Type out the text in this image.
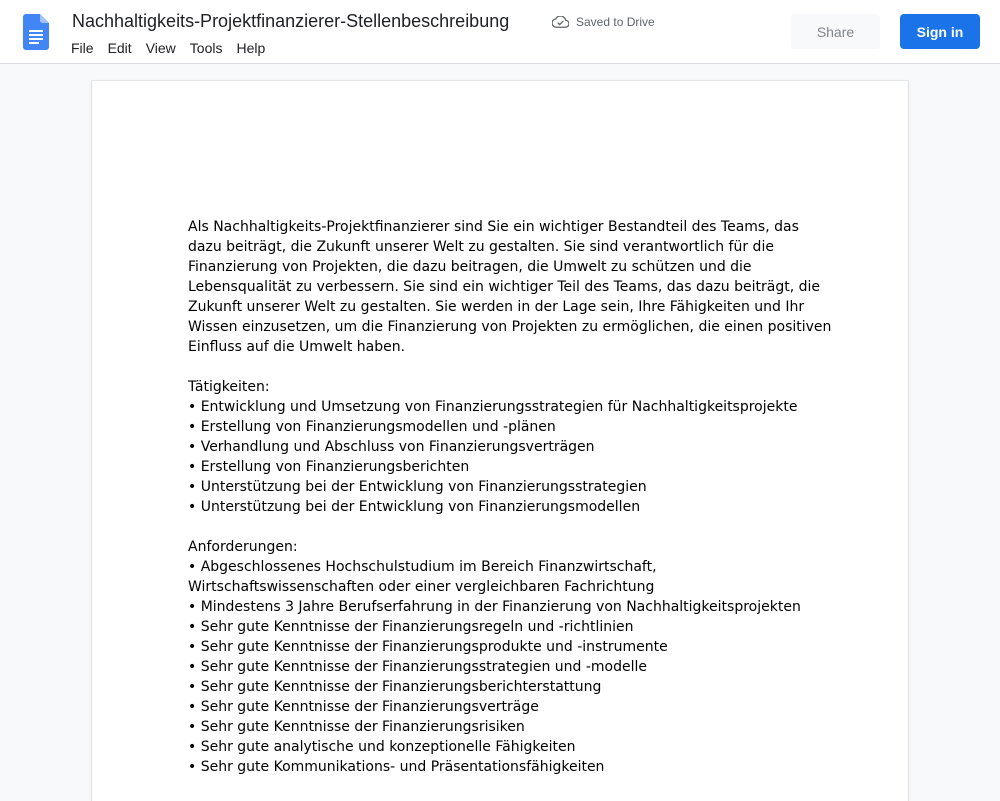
Nachhaltigkeits-Projektfinanzierer-Stellenbeschreibung	Saved to Drive
File	Edit	View	Tools	Help
Share	Sign in

Als Nachhaltigkeits-Projektfinanzierer sind Sie ein wichtiger Bestandteil des Teams, das

dazu beiträgt, die Zukunft unserer Welt zu gestalten. Sie sind verantwortlich für die

Finanzierung von Projekten, die dazu beitragen, die Umwelt zu schützen und die

Lebensqualität zu verbessern. Sie sind ein wichtiger Teil des Teams, das dazu beiträgt, die

Zukunft unserer Welt zu gestalten. Sie werden in der Lage sein, Ihre Fähigkeiten und Ihr

Wissen einzusetzen, um die Finanzierung von Projekten zu ermöglichen, die einen positiven

Einfluss auf die Umwelt haben.

Tätigkeiten:

• Entwicklung und Umsetzung von Finanzierungsstrategien für Nachhaltigkeitsprojekte

• Erstellung von Finanzierungsmodellen und -plänen

• Verhandlung und Abschluss von Finanzierungsverträgen

• Erstellung von Finanzierungsberichten

• Unterstützung bei der Entwicklung von Finanzierungsstrategien

• Unterstützung bei der Entwicklung von Finanzierungsmodellen

Anforderungen:

• Abgeschlossenes Hochschulstudium im Bereich Finanzwirtschaft,

Wirtschaftswissenschaften oder einer vergleichbaren Fachrichtung

• Mindestens 3 Jahre Berufserfahrung in der Finanzierung von Nachhaltigkeitsprojekten

• Sehr gute Kenntnisse der Finanzierungsregeln und -richtlinien

• Sehr gute Kenntnisse der Finanzierungsprodukte und -instrumente

• Sehr gute Kenntnisse der Finanzierungsstrategien und -modelle

• Sehr gute Kenntnisse der Finanzierungsberichterstattung

• Sehr gute Kenntnisse der Finanzierungsverträge

• Sehr gute Kenntnisse der Finanzierungsrisiken

• Sehr gute analytische und konzeptionelle Fähigkeiten

• Sehr gute Kommunikations- und Präsentationsfähigkeiten
